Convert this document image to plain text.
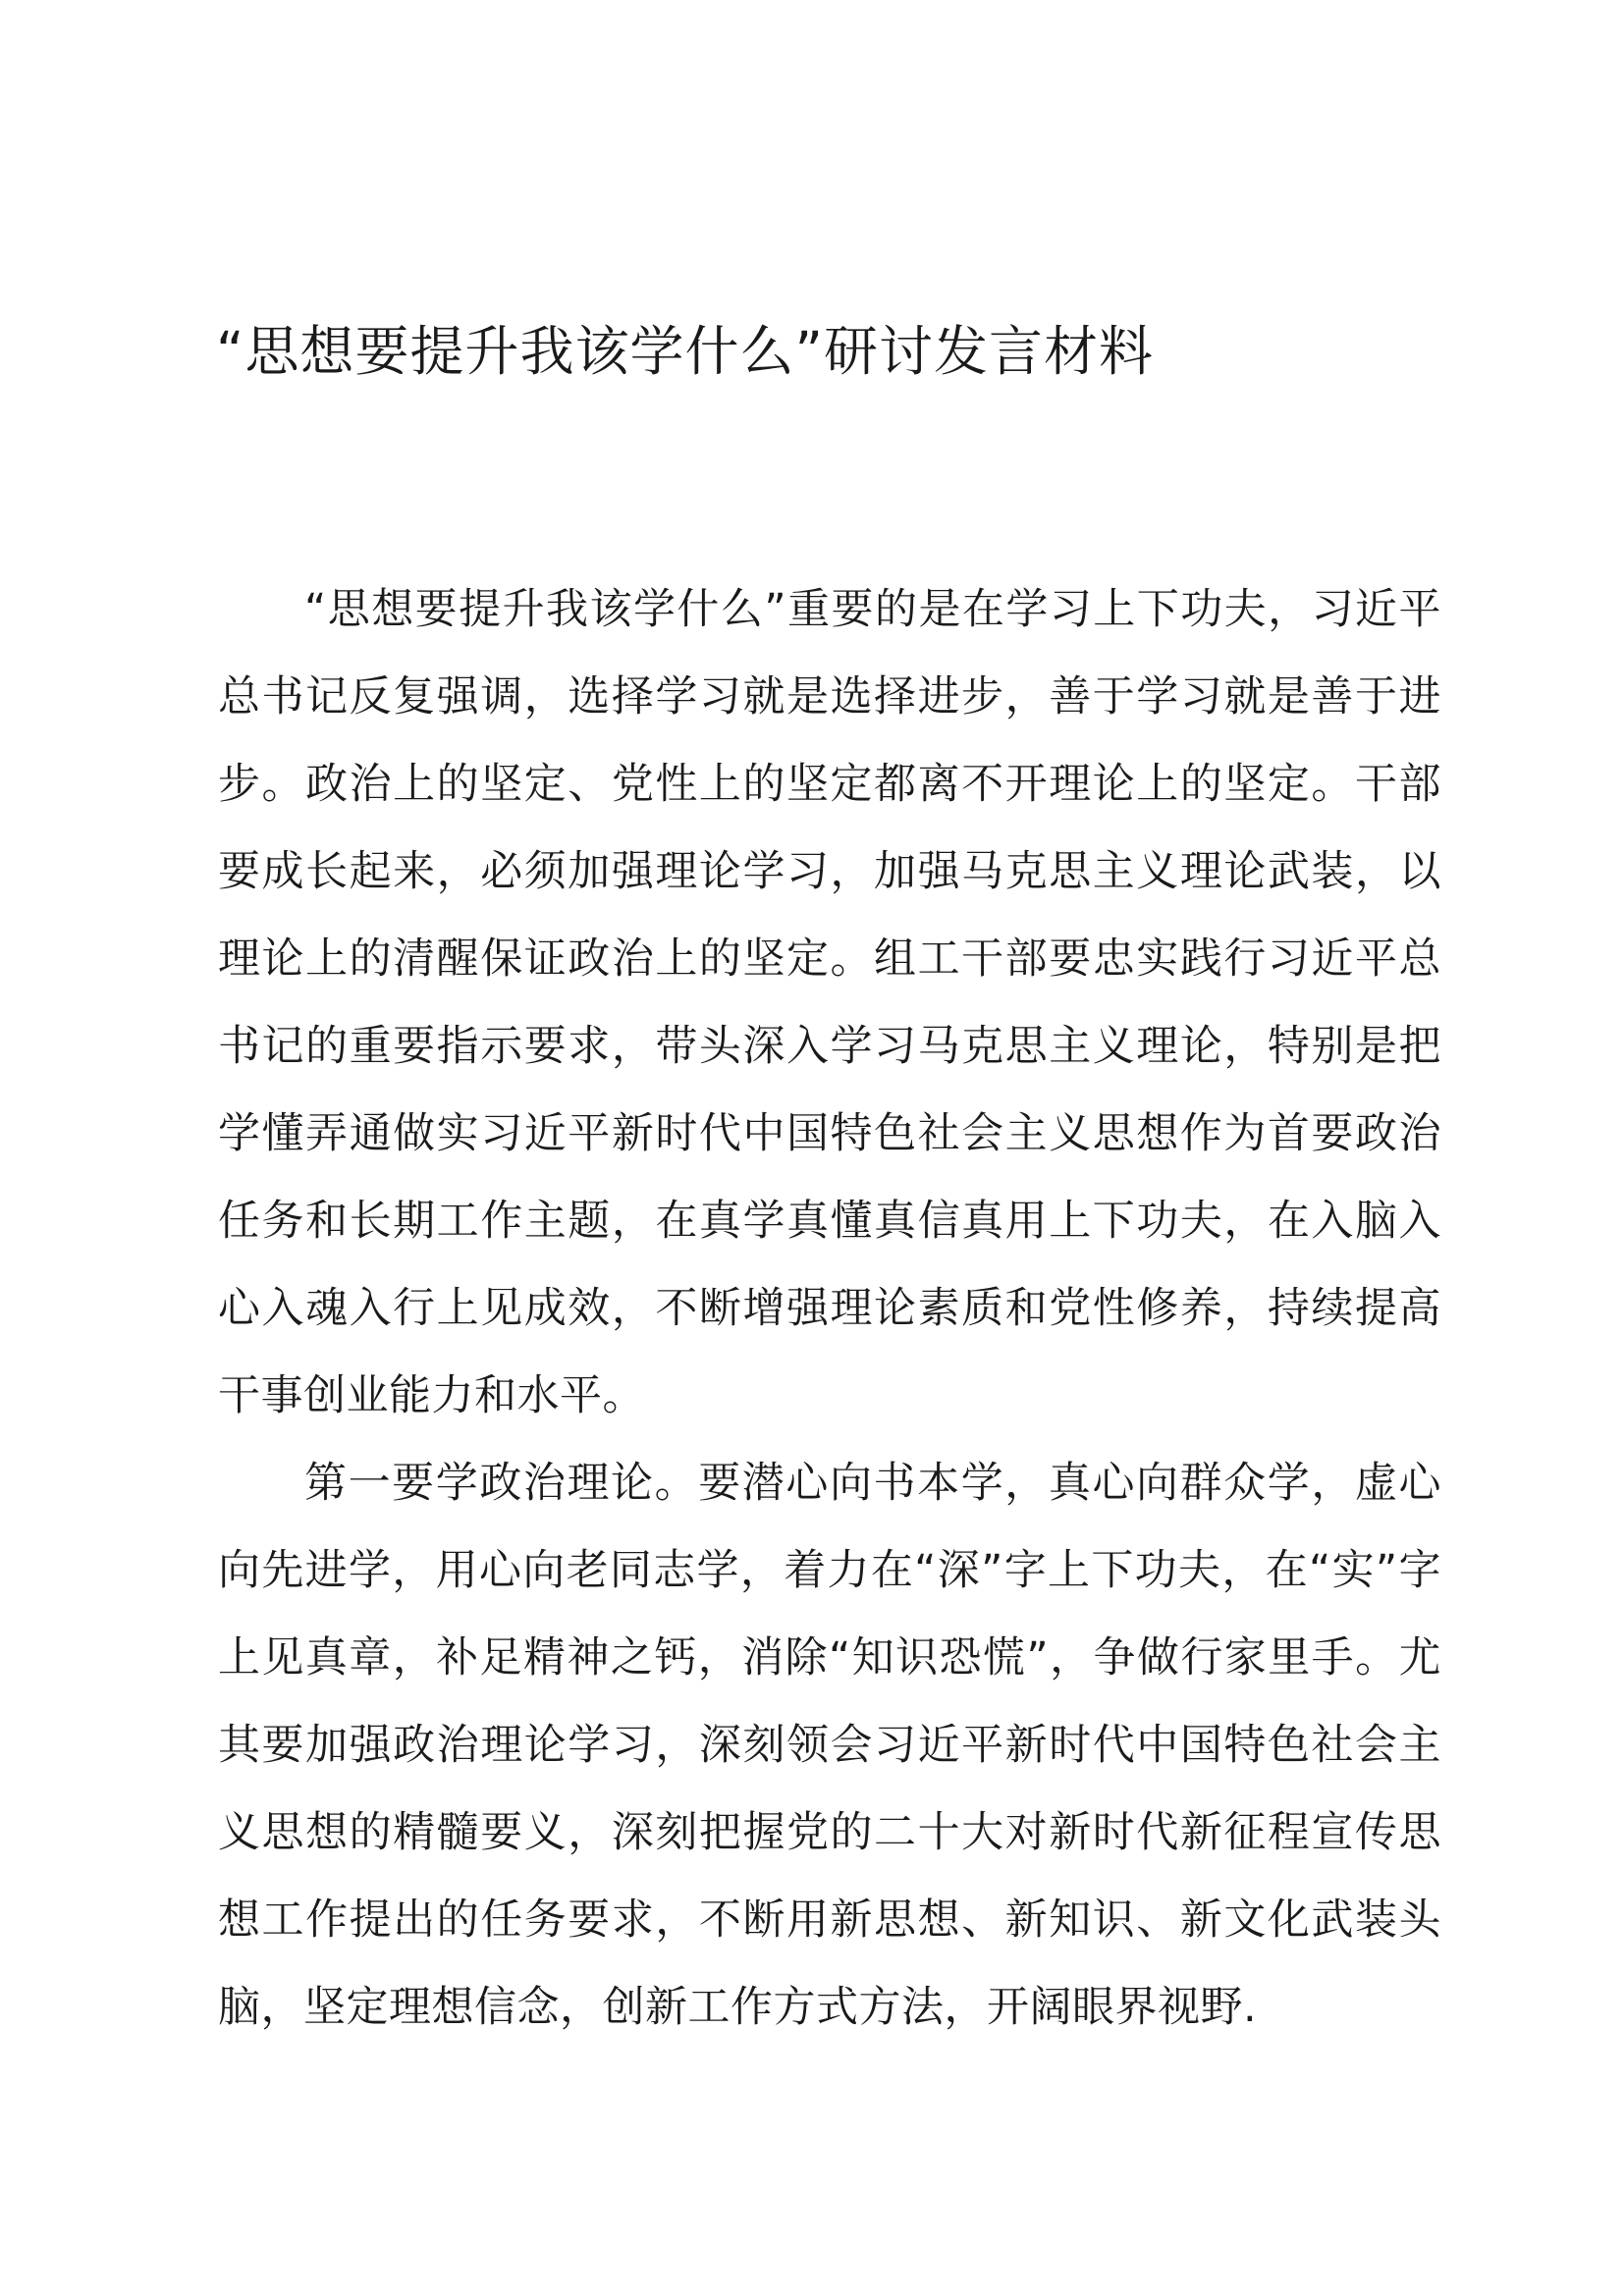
“思想要提升我该学什么”研讨发言材料

“思想要提升我该学什么”重要的是在学习上下功夫，习近平总书记反复强调，选择学习就是选择进步，善于学习就是善于进步。政治上的坚定、党性上的坚定都离不开理论上的坚定。干部要成长起来，必须加强理论学习，加强马克思主义理论武装，以理论上的清醒保证政治上的坚定。组工干部要忠实践行习近平总书记的重要指示要求，带头深入学习马克思主义理论，特别是把学懂弄通做实习近平新时代中国特色社会主义思想作为首要政治任务和长期工作主题，在真学真懂真信真用上下功夫，在入脑入心入魂入行上见成效，不断增强理论素质和党性修养，持续提高干事创业能力和水平。

第一要学政治理论。要潜心向书本学，真心向群众学，虚心向先进学，用心向老同志学，着力在“深”字上下功夫，在“实”字上见真章，补足精神之钙，消除“知识恐慌”，争做行家里手。尤其要加强政治理论学习，深刻领会习近平新时代中国特色社会主义思想的精髓要义，深刻把握党的二十大对新时代新征程宣传思想工作提出的任务要求，不断用新思想、新知识、新文化武装头脑，坚定理想信念，创新工作方式方法，开阔眼界视野.
